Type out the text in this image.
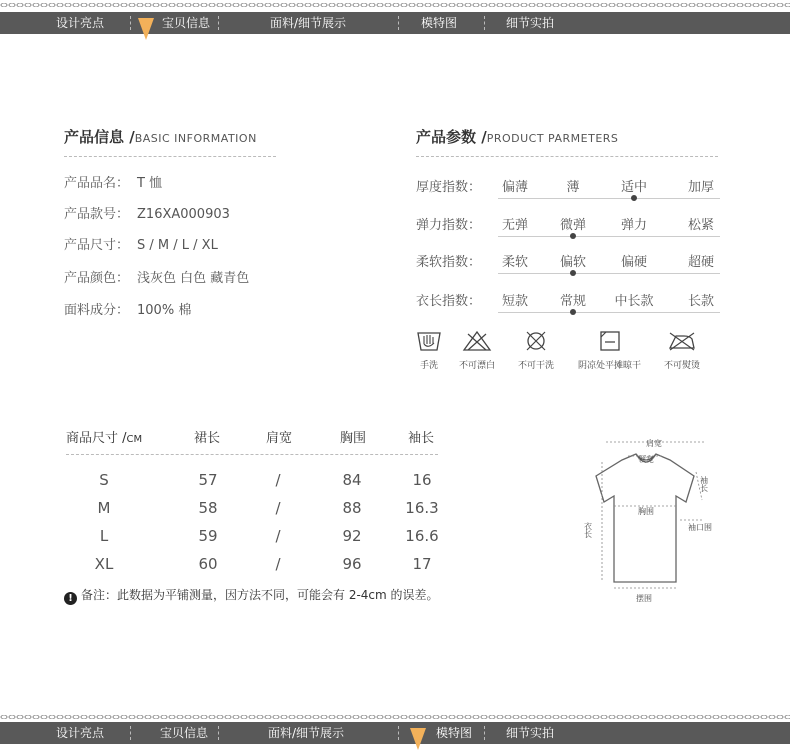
设计亮点	宝贝信息	面料/细节展示	模特图	细节实拍
产品信息 /BASIC INFORMATION
产品品名： T 恤
产品款号： Z16XA000903
产品尺寸： S / M / L / XL
产品颜色： 浅灰色 白色 藏青色
面料成分： 100% 棉
产品参数 /PRODUCT PARMETERS
厚度指数：	偏薄	薄	适中	加厚
弹力指数：	无弹	微弹	弹力	松紧
柔软指数：	柔软	偏软	偏硬	超硬
衣长指数：	短款	常规	中长款	长款
手洗	不可漂白	不可干洗	阴凉处平摊晾干	不可熨烫
商品尺寸 /CM	裙长	肩宽	胸围	袖长
S	57	/	84	16
M	58	/	88	16.3
L	59	/	92	16.6
XL	60	/	96	17
! 备注：此数据为平铺测量，因方法不同，可能会有 2-4cm 的误差。
肩宽
领宽
胸围
摆围
衣长
袖长
袖口围
设计亮点	宝贝信息	面料/细节展示	模特图	细节实拍
